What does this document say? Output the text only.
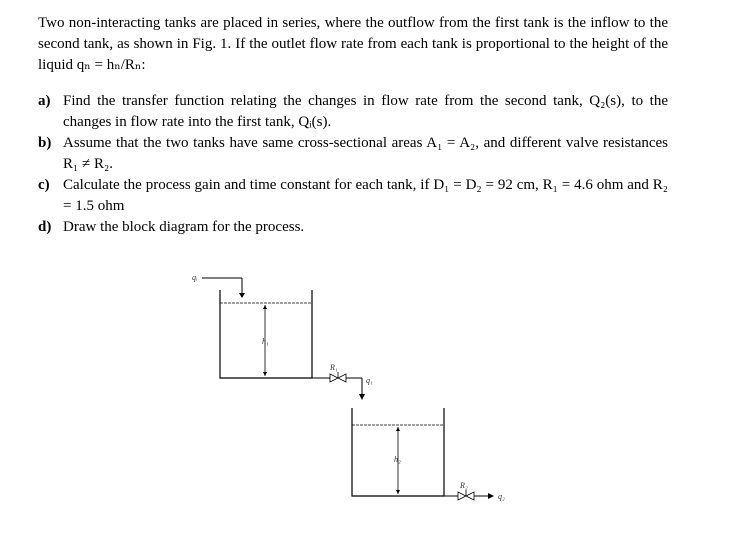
Two non-interacting tanks are placed in series, where the outflow from the first tank is the inflow to the second tank, as shown in Fig. 1. If the outlet flow rate from each tank is proportional to the height of the liquid qₙ = hₙ/Rₙ:
a) Find the transfer function relating the changes in flow rate from the second tank, Q₂(s), to the changes in flow rate into the first tank, Qᵢ(s).
b) Assume that the two tanks have same cross-sectional areas A₁ = A₂, and different valve resistances R₁ ≠ R₂.
c) Calculate the process gain and time constant for each tank, if D₁ = D₂ = 92 cm, R₁ = 4.6 ohm and R₂ = 1.5 ohm
d) Draw the block diagram for the process.
qᵢ
h₁
R₁
q₁
h₂
R₂
q₂
